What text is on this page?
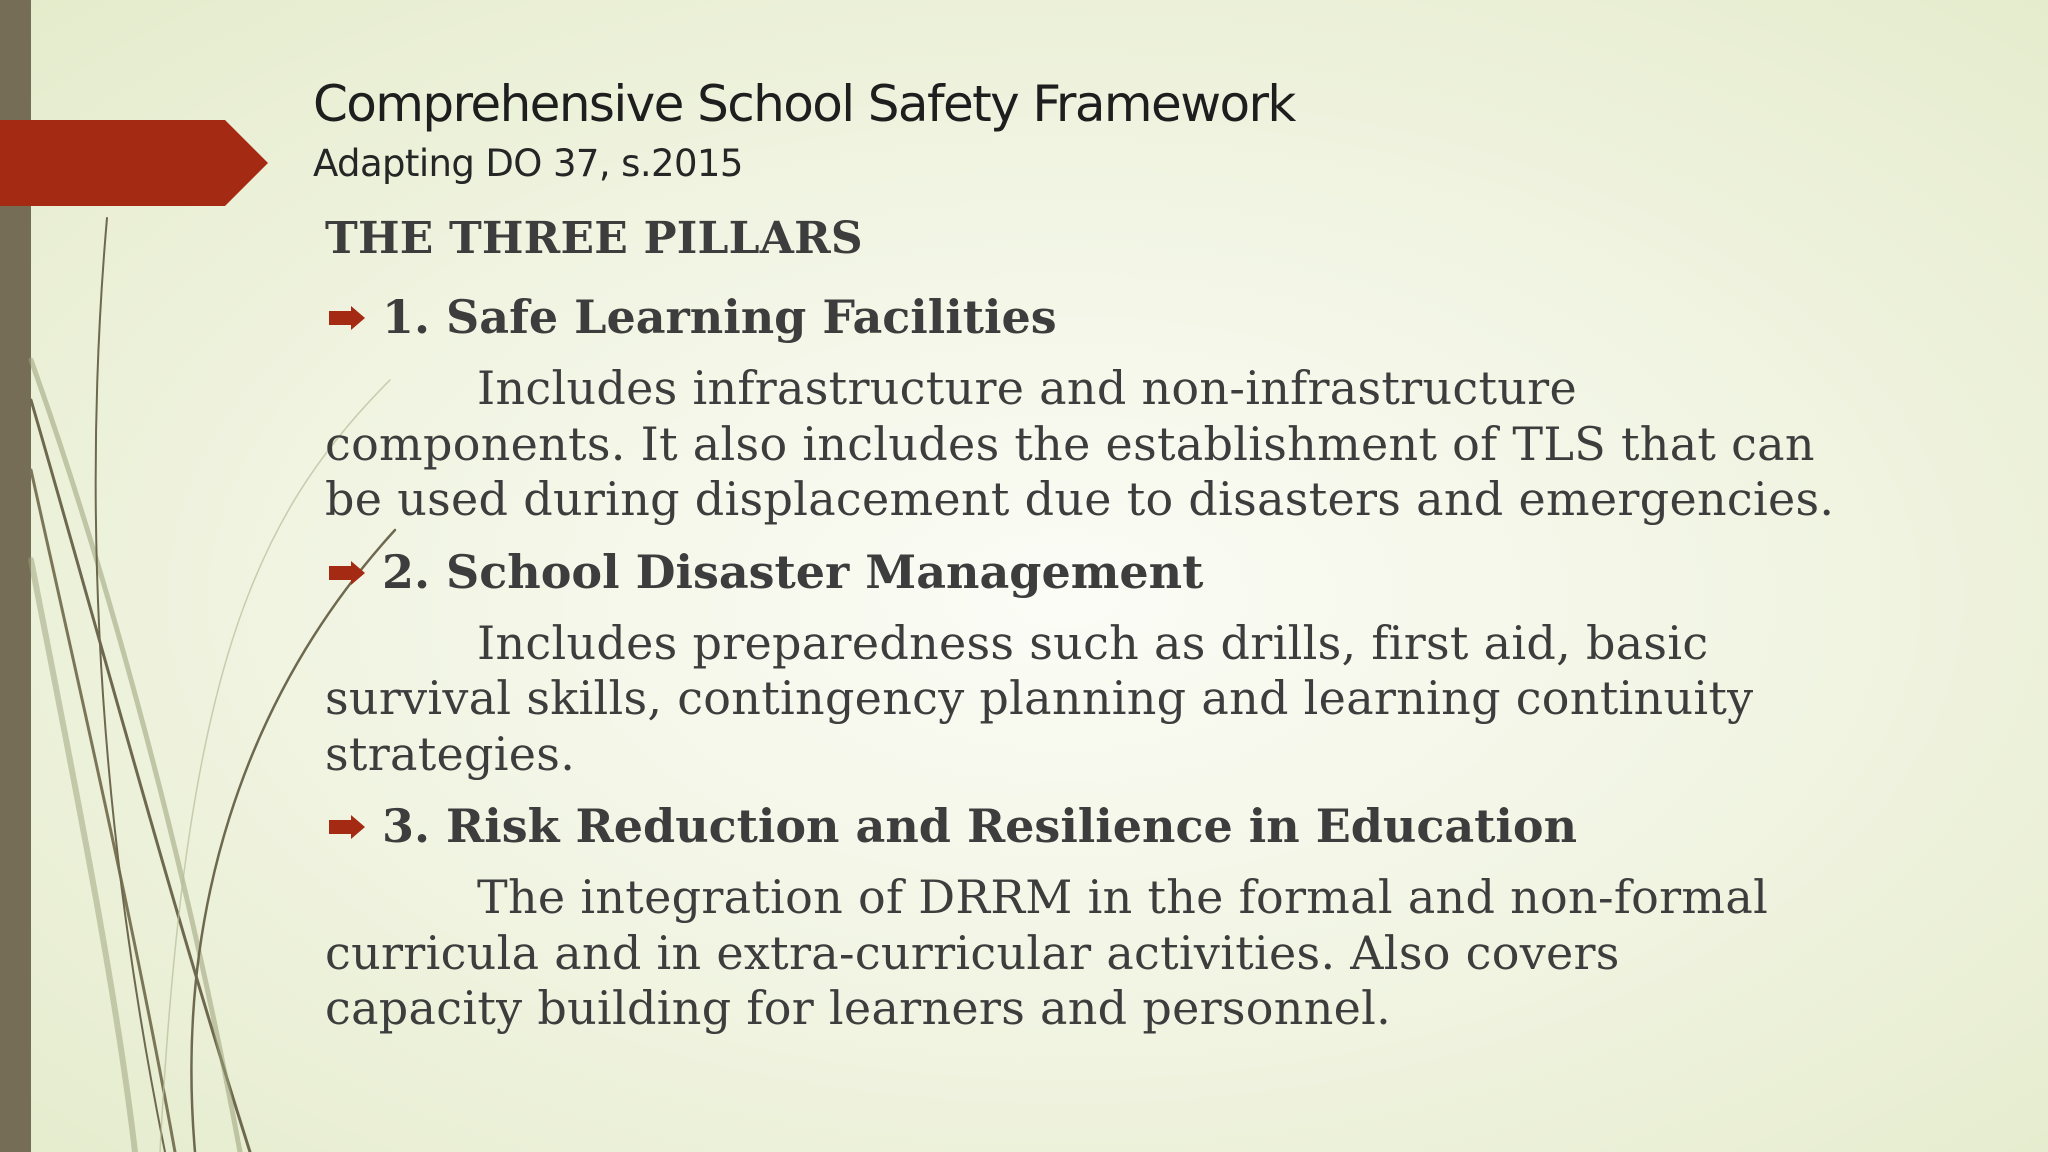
Comprehensive School Safety Framework
Adapting DO 37, s.2015
THE THREE PILLARS
1. Safe Learning Facilities

Includes infrastructure and non-infrastructure
components. It also includes the establishment of TLS that can
be used during displacement due to disasters and emergencies.

2. School Disaster Management

Includes preparedness such as drills, first aid, basic
survival skills, contingency planning and learning continuity
strategies.

3. Risk Reduction and Resilience in Education

The integration of DRRM in the formal and non-formal
curricula and in extra-curricular activities. Also covers
capacity building for learners and personnel.
